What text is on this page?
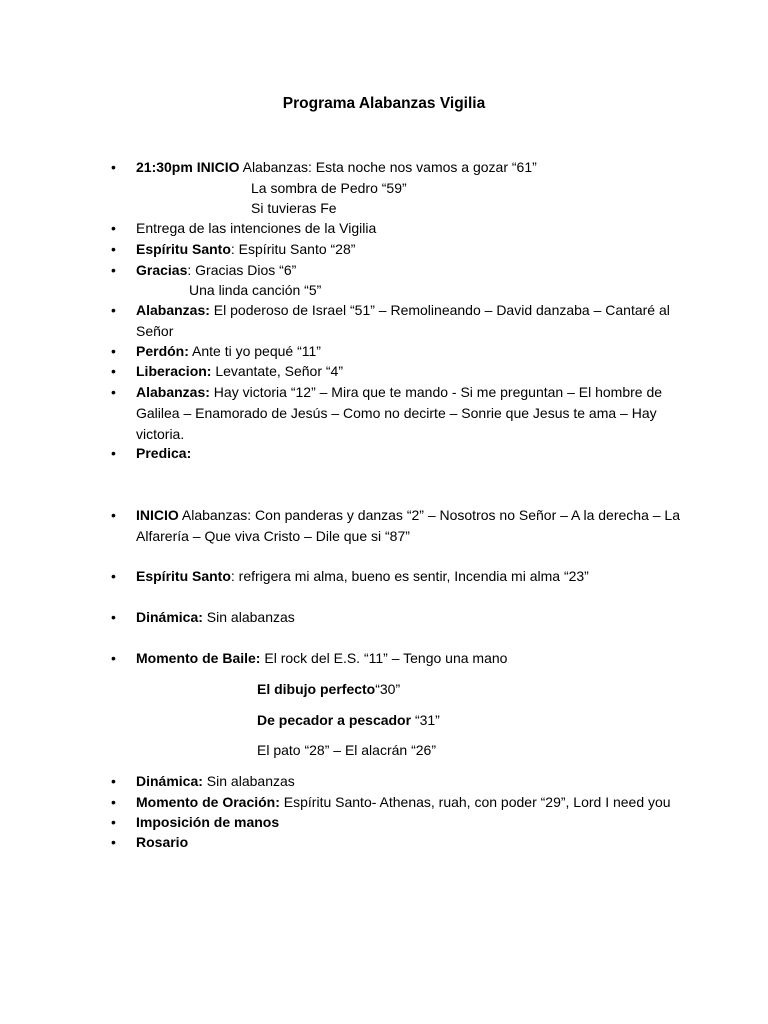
Programa Alabanzas Vigilia
• 21:30pm INICIO Alabanzas: Esta noche nos vamos a gozar “61”
La sombra de Pedro “59”
Si tuvieras Fe
• Entrega de las intenciones de la Vigilia
• Espíritu Santo: Espíritu Santo “28”
• Gracias: Gracias Dios “6”
Una linda canción “5”
• Alabanzas: El poderoso de Israel “51” – Remolineando – David danzaba – Cantaré al
Señor
• Perdón: Ante ti yo pequé “11”
• Liberacion: Levantate, Señor “4”
• Alabanzas: Hay victoria “12” – Mira que te mando - Si me preguntan – El hombre de
Galilea – Enamorado de Jesús – Como no decirte – Sonrie que Jesus te ama – Hay
victoria.
• Predica:
• INICIO Alabanzas: Con panderas y danzas “2” – Nosotros no Señor – A la derecha – La
Alfarería – Que viva Cristo – Dile que si “87”
• Espíritu Santo: refrigera mi alma, bueno es sentir, Incendia mi alma “23”
• Dinámica: Sin alabanzas
• Momento de Baile: El rock del E.S. “11” – Tengo una mano
El dibujo perfecto“30”
De pecador a pescador “31”
El pato “28” – El alacrán “26”
• Dinámica: Sin alabanzas
• Momento de Oración: Espíritu Santo- Athenas, ruah, con poder “29”, Lord I need you
• Imposición de manos
• Rosario
